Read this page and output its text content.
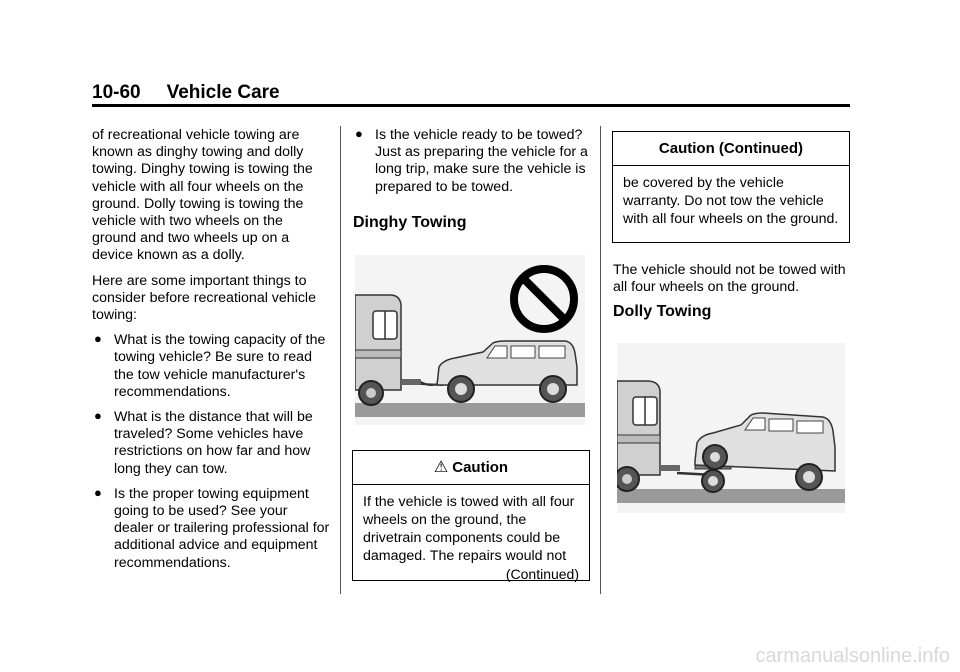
10-60 Vehicle Care

of recreational vehicle towing are known as dinghy towing and dolly towing. Dinghy towing is towing the vehicle with all four wheels on the ground. Dolly towing is towing the vehicle with two wheels on the ground and two wheels up on a device known as a dolly.

Here are some important things to consider before recreational vehicle towing:

● What is the towing capacity of the towing vehicle? Be sure to read the tow vehicle manufacturer's recommendations.
● What is the distance that will be traveled? Some vehicles have restrictions on how far and how long they can tow.
● Is the proper towing equipment going to be used? See your dealer or trailering professional for additional advice and equipment recommendations.
● Is the vehicle ready to be towed? Just as preparing the vehicle for a long trip, make sure the vehicle is prepared to be towed.
Dinghy Towing
⚠ Caution
If the vehicle is towed with all four wheels on the ground, the drivetrain components could be damaged. The repairs would not
(Continued)
Caution (Continued)
be covered by the vehicle warranty. Do not tow the vehicle with all four wheels on the ground.

The vehicle should not be towed with all four wheels on the ground.

Dolly Towing
carmanualsonline.info
